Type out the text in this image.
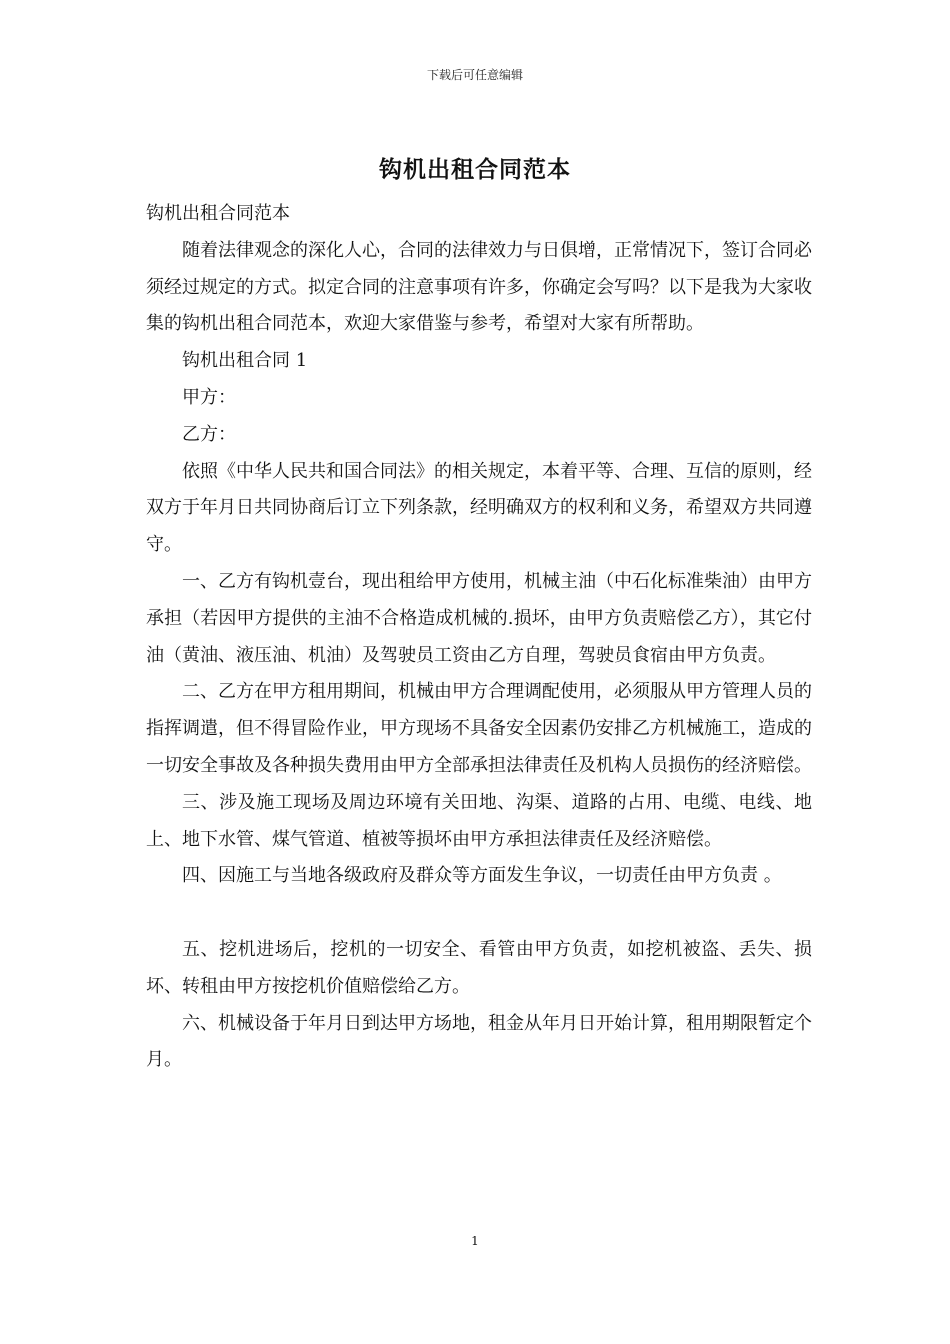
下载后可任意编辑
钩机出租合同范本

钩机出租合同范本

随着法律观念的深化人心，合同的法律效力与日俱增，正常情况下，签订合同必须经过规定的方式。拟定合同的注意事项有许多，你确定会写吗？以下是我为大家收集的钩机出租合同范本，欢迎大家借鉴与参考，希望对大家有所帮助。

钩机出租合同 1

甲方：

乙方：

依照《中华人民共和国合同法》的相关规定，本着平等、合理、互信的原则，经双方于年月日共同协商后订立下列条款，经明确双方的权利和义务，希望双方共同遵守。

一、乙方有钩机壹台，现出租给甲方使用，机械主油（中石化标准柴油）由甲方承担（若因甲方提供的主油不合格造成机械的.损坏，由甲方负责赔偿乙方），其它付油（黄油、液压油、机油）及驾驶员工资由乙方自理，驾驶员食宿由甲方负责。

二、乙方在甲方租用期间，机械由甲方合理调配使用，必须服从甲方管理人员的指挥调遣，但不得冒险作业，甲方现场不具备安全因素仍安排乙方机械施工，造成的一切安全事故及各种损失费用由甲方全部承担法律责任及机构人员损伤的经济赔偿。

三、涉及施工现场及周边环境有关田地、沟渠、道路的占用、电缆、电线、地上、地下水管、煤气管道、植被等损坏由甲方承担法律责任及经济赔偿。

四、因施工与当地各级政府及群众等方面发生争议，一切责任由甲方负责 。

五、挖机进场后，挖机的一切安全、看管由甲方负责，如挖机被盗、丢失、损坏、转租由甲方按挖机价值赔偿给乙方。

六、机械设备于年月日到达甲方场地，租金从年月日开始计算，租用期限暂定个月。

1
